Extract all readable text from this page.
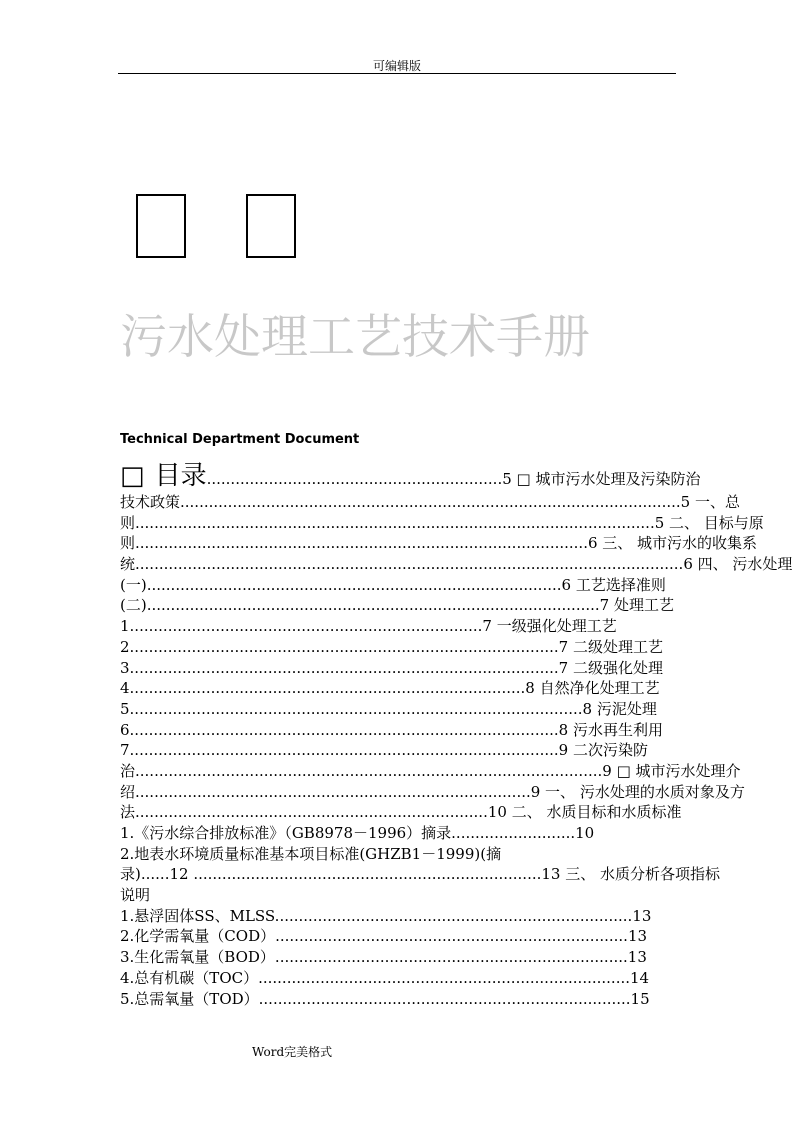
可编辑版
污水处理工艺技术手册
Technical Department Document
□ 目录..............................................................5 □ 城市污水处理及污染防治
技术政策.........................................................................................................5 一、总
则.............................................................................................................5 二、 目标与原
则...............................................................................................6 三、 城市污水的收集系
统...................................................................................................................6 四、 污水处理
(一).......................................................................................6 工艺选择准则
(二)...............................................................................................7 处理工艺
1..........................................................................7 一级强化处理工艺
2..........................................................................................7 二级处理工艺
3..........................................................................................7 二级强化处理
4...................................................................................8 自然净化处理工艺
5...............................................................................................8 污泥处理
6..........................................................................................8 污水再生利用
7..........................................................................................9 二次污染防
治..................................................................................................9 □ 城市污水处理介
绍...................................................................................9 一、 污水处理的水质对象及方
法..........................................................................10 二、 水质目标和水质标准
1.《污水综合排放标准》（GB8978－1996）摘录..........................10
2.地表水环境质量标准基本项目标准(GHZB1－1999)(摘
录)......12 .........................................................................13 三、 水质分析各项指标
说明
1.悬浮固体SS、MLSS...........................................................................13
2.化学需氧量（COD）..........................................................................13
3.生化需氧量（BOD）..........................................................................13
4.总有机碳（TOC）..............................................................................14
5.总需氧量（TOD）..............................................................................15
Word完美格式
